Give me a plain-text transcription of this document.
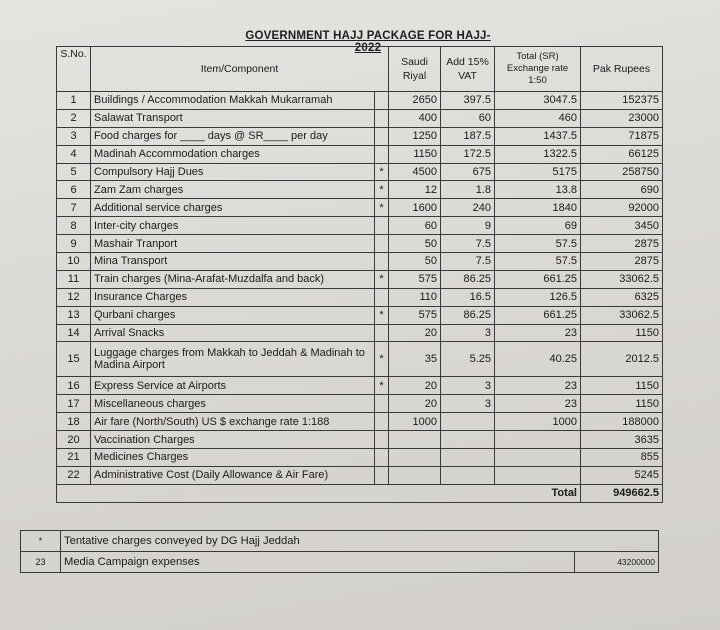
GOVERNMENT HAJJ PACKAGE FOR HAJJ-2022
S.No.	Item/Component		Saudi Riyal	Add 15% VAT	Total (SR) Exchange rate 1:50	Pak Rupees
1	Buildings / Accommodation Makkah Mukarramah		2650	397.5	3047.5	152375
2	Salawat Transport		400	60	460	23000
3	Food charges for ____ days @ SR____ per day		1250	187.5	1437.5	71875
4	Madinah Accommodation charges		1150	172.5	1322.5	66125
5	Compulsory Hajj Dues	*	4500	675	5175	258750
6	Zam Zam charges	*	12	1.8	13.8	690
7	Additional service charges	*	1600	240	1840	92000
8	Inter-city charges		60	9	69	3450
9	Mashair Tranport		50	7.5	57.5	2875
10	Mina Transport		50	7.5	57.5	2875
11	Train charges (Mina-Arafat-Muzdalfa and back)	*	575	86.25	661.25	33062.5
12	Insurance Charges		110	16.5	126.5	6325
13	Qurbani charges	*	575	86.25	661.25	33062.5
14	Arrival Snacks		20	3	23	1150
15	Luggage charges from Makkah to Jeddah & Madinah to Madina Airport	*	35	5.25	40.25	2012.5
16	Express Service at Airports	*	20	3	23	1150
17	Miscellaneous charges		20	3	23	1150
18	Air fare (North/South) US $ exchange rate 1:188		1000		1000	188000
20	Vaccination Charges					3635
21	Medicines Charges					855
22	Administrative Cost (Daily Allowance & Air Fare)					5245
Total						949662.5
*	Tentative charges conveyed by DG Hajj Jeddah	
23	Media Campaign expenses	43200000
